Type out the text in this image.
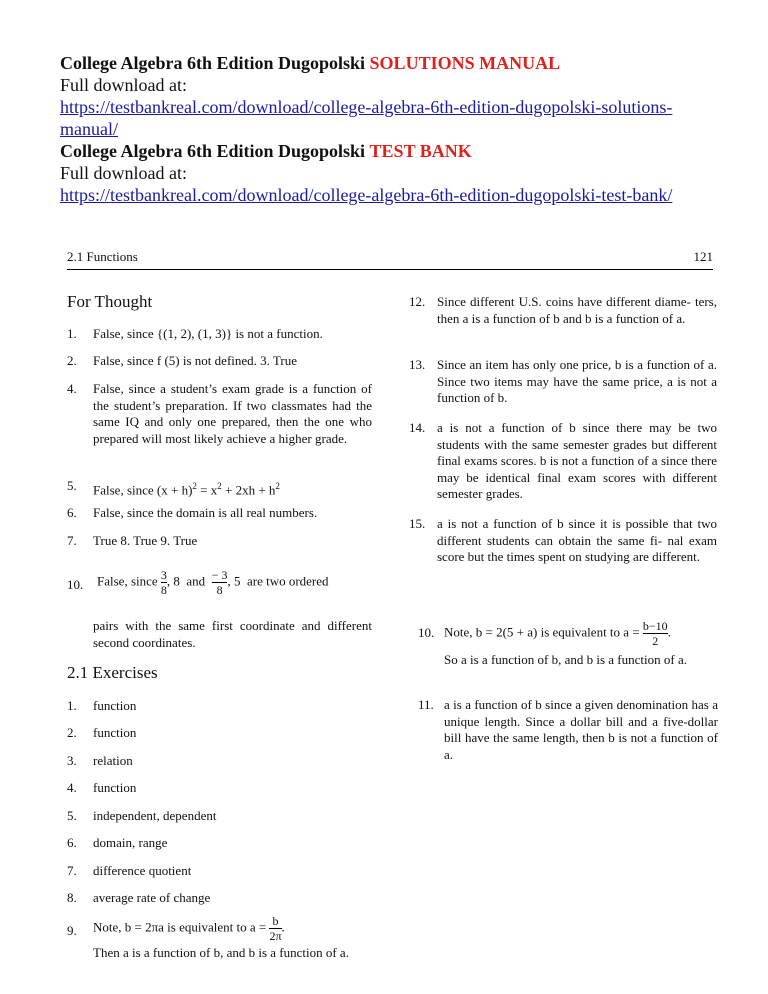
College Algebra 6th Edition Dugopolski SOLUTIONS MANUAL
Full download at:
https://testbankreal.com/download/college-algebra-6th-edition-dugopolski-solutions-manual/
College Algebra 6th Edition Dugopolski TEST BANK
Full download at:
https://testbankreal.com/download/college-algebra-6th-edition-dugopolski-test-bank/
2.1 Functions	121
For Thought
1. False, since {(1, 2), (1, 3)} is not a function.
2. False, since f (5) is not defined. 3. True
4. False, since a student’s exam grade is a function of the student’s preparation. If two classmates had the same IQ and only one prepared, then the one who prepared will most likely achieve a higher grade.
5. False, since $(x + h)^2 = x^2 + 2xh + h^2$
6. False, since the domain is all real numbers.
7. True 8. True 9. True
10. False, since $\frac{3}{8}$ , 8 and $\frac{- 3}{8}$ , 5 are two ordered
pairs with the same first coordinate and different second coordinates.
2.1 Exercises
1. function
2. function
3. relation
4. function
5. independent, dependent
6. domain, range
7. difference quotient
8. average rate of change
9. Note, b = 2πa is equivalent to $a = \frac{b}{2\pi}$ .
Then a is a function of b, and b is a function of a.
12. Since different U.S. coins have different diame- ters, then a is a function of b and b is a function of a.
13. Since an item has only one price, b is a function of a. Since two items may have the same price, a is not a function of b.
14. a is not a function of b since there may be two students with the same semester grades but different final exams scores. b is not a function of a since there may be identical final exam scores with different semester grades.
15. a is not a function of b since it is possible that two different students can obtain the same fi- nal exam score but the times spent on studying are different.
10. Note, b = 2(5 + a) is equivalent to $a = \frac{b-10}{2}$ .
So a is a function of b, and b is a function of a.
11. a is a function of b since a given denomination has a unique length. Since a dollar bill and a five-dollar bill have the same length, then b is not a function of a.
